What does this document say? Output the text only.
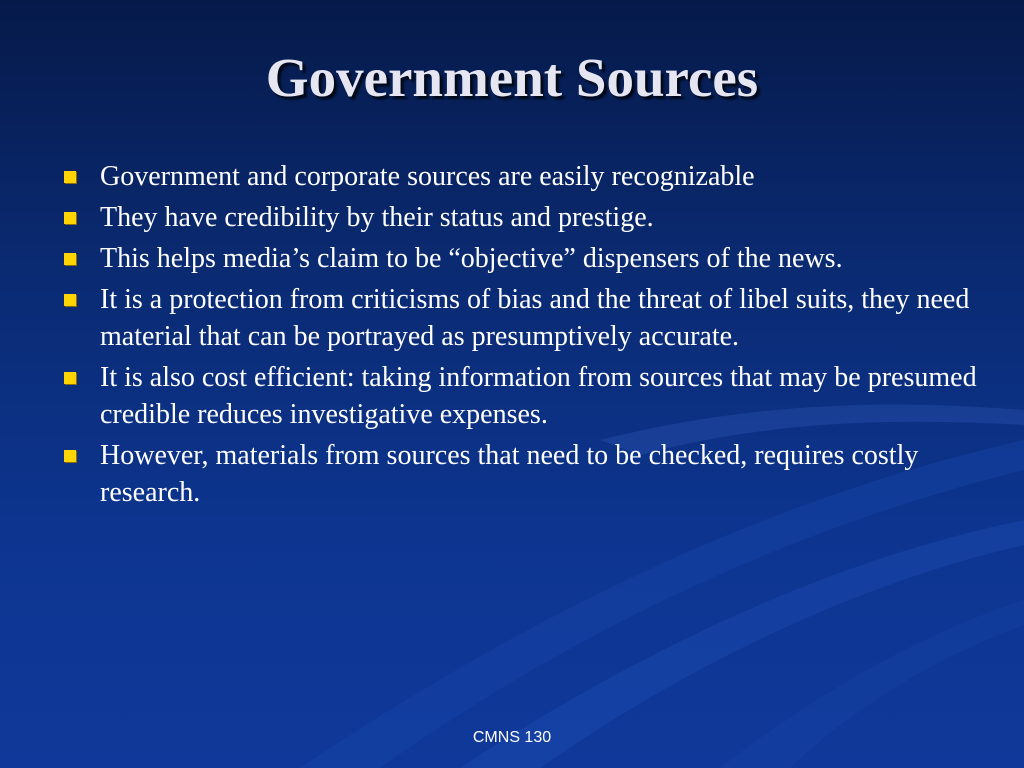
Government Sources
Government and corporate sources are easily recognizable
They have credibility by their status and prestige.
This helps media’s claim to be “objective” dispensers of the news.
It is a protection from criticisms of bias and the threat of libel suits, they need material that can be portrayed as presumptively accurate.
It is also cost efficient: taking information from sources that may be presumed credible reduces investigative expenses.
However, materials from sources that need to be checked, requires costly research.
CMNS 130
